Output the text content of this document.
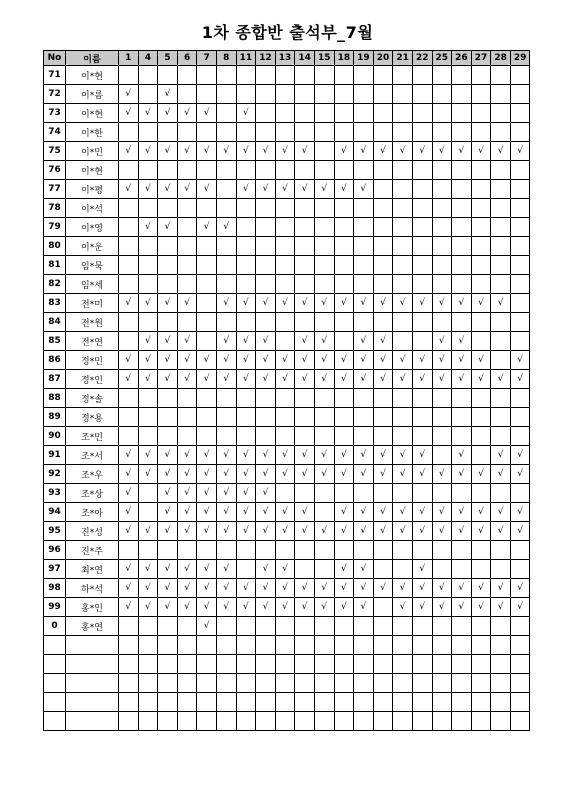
1차 종합반 출석부_7월
No	이름	1	4	5	6	7	8	11	12	13	14	15	18	19	20	21	22	25	26	27	28	29
71	이*현																					
72	이*름	√		√																		
73	이*현	√	√	√	√	√		√														
74	이*한																					
75	이*민	√	√	√	√	√	√	√	√	√	√		√	√	√	√	√	√	√	√	√	√
76	이*현																					
77	이*평	√	√	√	√	√		√	√	√	√	√	√	√								
78	이*석																					
79	이*영		√	√		√	√															
80	이*운																					
81	임*묵																					
82	임*세																					
83	전*미	√	√	√	√		√	√	√	√	√	√	√	√	√	√	√	√	√	√	√	
84	전*원																					
85	전*연		√	√	√		√	√	√		√	√		√	√			√	√			
86	정*민	√	√	√	√	√	√	√	√	√	√	√	√	√	√	√	√	√	√	√		√
87	정*인	√	√	√	√	√	√	√	√	√	√	√	√	√	√	√	√	√	√	√	√	√
88	정*솔																					
89	정*용																					
90	조*민																					
91	조*서	√	√	√	√	√	√	√	√	√	√	√	√	√	√	√	√		√		√	√
92	조*우	√	√	√	√	√	√	√	√	√	√	√	√	√	√	√	√	√	√	√	√	√
93	조*상	√		√	√	√	√	√	√													
94	조*아	√		√	√	√	√	√	√	√	√		√	√	√	√	√	√	√	√	√	√
95	진*성	√	√	√	√	√	√	√	√	√	√	√	√	√	√	√	√	√	√	√	√	√
96	진*주																					
97	최*연	√	√	√	√	√	√		√	√			√	√			√					
98	하*석	√	√	√	√	√	√	√	√	√	√	√	√	√	√	√	√	√	√	√	√	√
99	홍*인	√	√	√	√	√	√	√	√	√	√	√	√	√		√	√	√	√	√	√	√
0	홍*연					√																
